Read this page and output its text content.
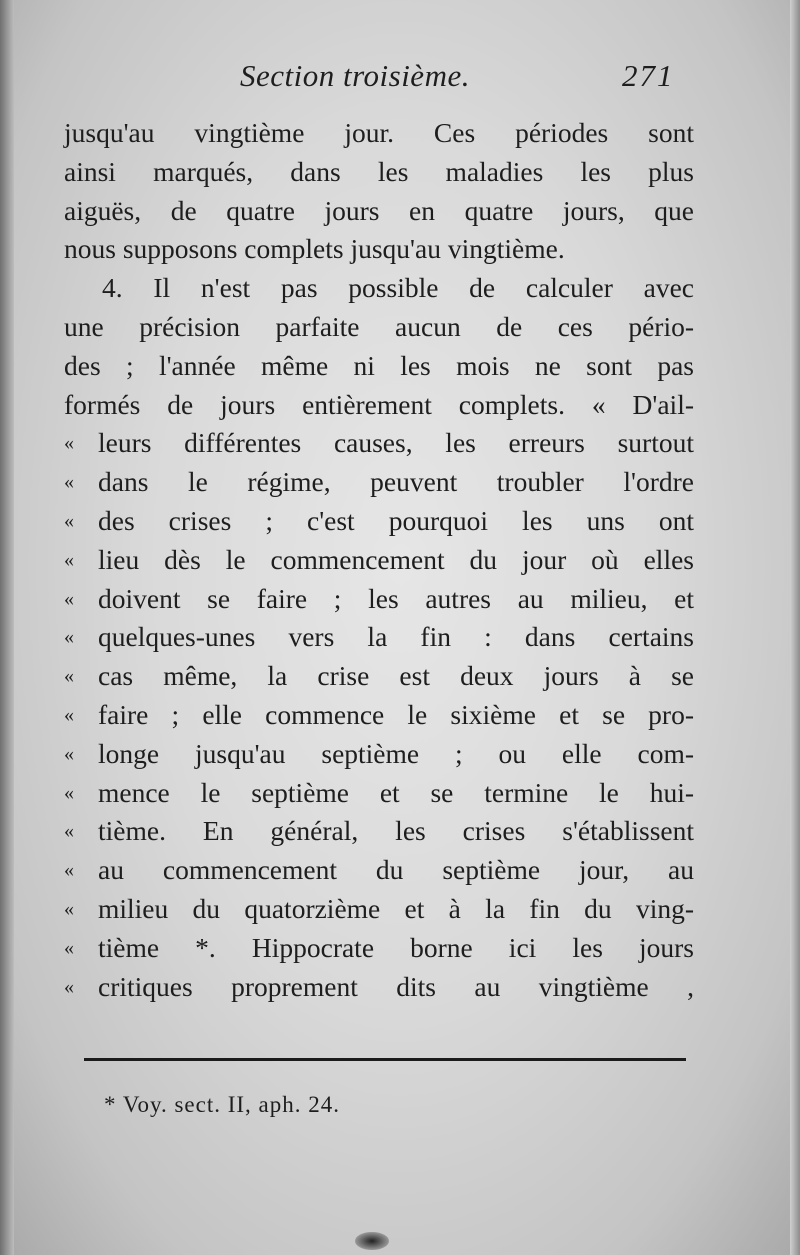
Section troisième.	271
jusqu'au vingtième jour. Ces périodes sont
ainsi marqués, dans les maladies les plus
aiguës, de quatre jours en quatre jours, que
nous supposons complets jusqu'au vingtième.
4. Il n'est pas possible de calculer avec
une précision parfaite aucun de ces pério-
des ; l'année même ni les mois ne sont pas
formés de jours entièrement complets. « D'ail-
« leurs différentes causes, les erreurs surtout
« dans le régime, peuvent troubler l'ordre
« des crises ; c'est pourquoi les uns ont
« lieu dès le commencement du jour où elles
« doivent se faire ; les autres au milieu, et
« quelques-unes vers la fin : dans certains
« cas même, la crise est deux jours à se
« faire ; elle commence le sixième et se pro-
« longe jusqu'au septième ; ou elle com-
« mence le septième et se termine le hui-
« tième. En général, les crises s'établissent
« au commencement du septième jour, au
« milieu du quatorzième et à la fin du ving-
« tième *. Hippocrate borne ici les jours
« critiques proprement dits au vingtième ,
* Voy. sect. II, aph. 24.
